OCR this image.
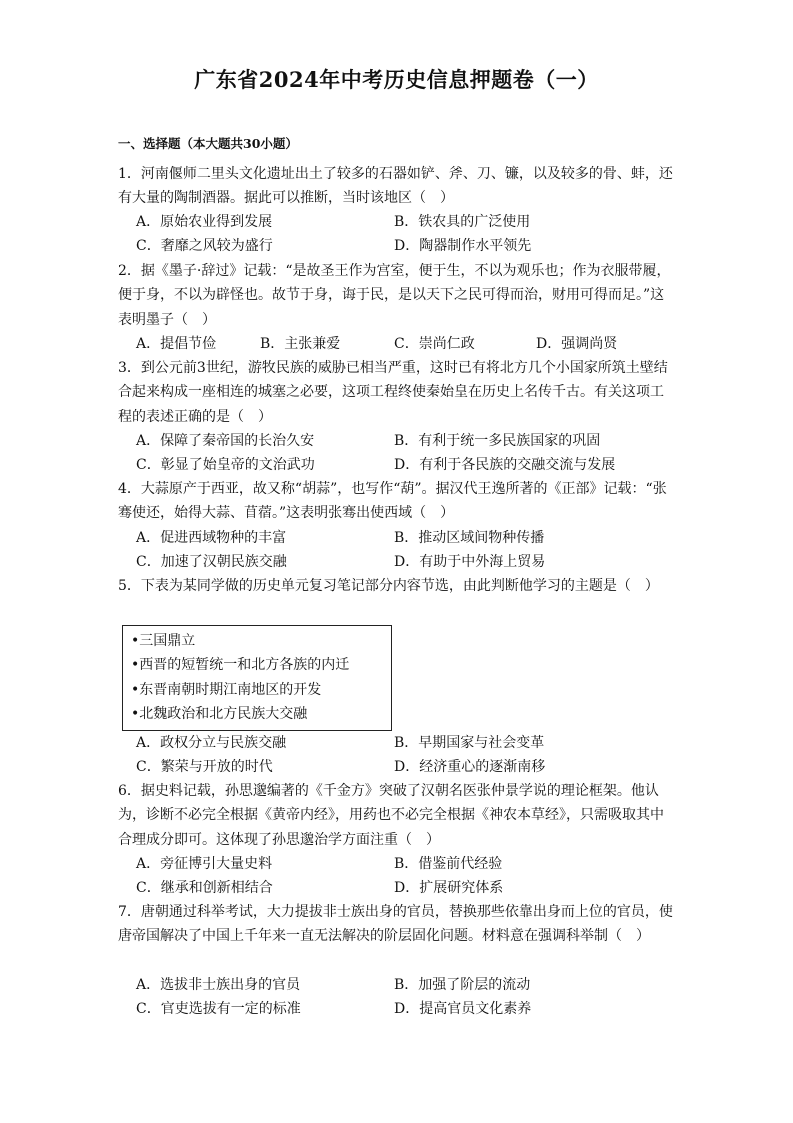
广东省2024年中考历史信息押题卷（一）
一、选择题（本大题共30小题）

1．河南偃师二里头文化遗址出土了较多的石器如铲、斧、刀、镰，以及较多的骨、蚌，还有大量的陶制酒器。据此可以推断，当时该地区（　）

A．原始农业得到发展	B．铁农具的广泛使用
C．奢靡之风较为盛行	D．陶器制作水平领先

2．据《墨子·辞过》记载：“是故圣王作为宫室，便于生，不以为观乐也；作为衣服带履，便于身，不以为辟怪也。故节于身，诲于民，是以天下之民可得而治，财用可得而足。”这表明墨子（　）

A．提倡节俭	B．主张兼爱	C．崇尚仁政	D．强调尚贤

3．到公元前3世纪，游牧民族的威胁已相当严重，这时已有将北方几个小国家所筑土壁结合起来构成一座相连的城塞之必要，这项工程终使秦始皇在历史上名传千古。有关这项工程的表述正确的是（　）

A．保障了秦帝国的长治久安	B．有利于统一多民族国家的巩固
C．彰显了始皇帝的文治武功	D．有利于各民族的交融交流与发展

4．大蒜原产于西亚，故又称“胡蒜”，也写作“葫”。据汉代王逸所著的《正部》记载：“张骞使还，始得大蒜、苜蓿。”这表明张骞出使西域（　）

A．促进西域物种的丰富	B．推动区域间物种传播
C．加速了汉朝民族交融	D．有助于中外海上贸易

5．下表为某同学做的历史单元复习笔记部分内容节选，由此判断他学习的主题是（　）

•三国鼎立
•西晋的短暂统一和北方各族的内迁
•东晋南朝时期江南地区的开发
•北魏政治和北方民族大交融
A．政权分立与民族交融	B．早期国家与社会变革
C．繁荣与开放的时代	D．经济重心的逐渐南移

6．据史料记载，孙思邈编著的《千金方》突破了汉朝名医张仲景学说的理论框架。他认为，诊断不必完全根据《黄帝内经》，用药也不必完全根据《神农本草经》，只需吸取其中合理成分即可。这体现了孙思邈治学方面注重（　）

A．旁征博引大量史料	B．借鉴前代经验
C．继承和创新相结合	D．扩展研究体系

7．唐朝通过科举考试，大力提拔非士族出身的官员，替换那些依靠出身而上位的官员，使唐帝国解决了中国上千年来一直无法解决的阶层固化问题。材料意在强调科举制（　）

A．选拔非士族出身的官员	B．加强了阶层的流动
C．官吏选拔有一定的标准	D．提高官员文化素养
